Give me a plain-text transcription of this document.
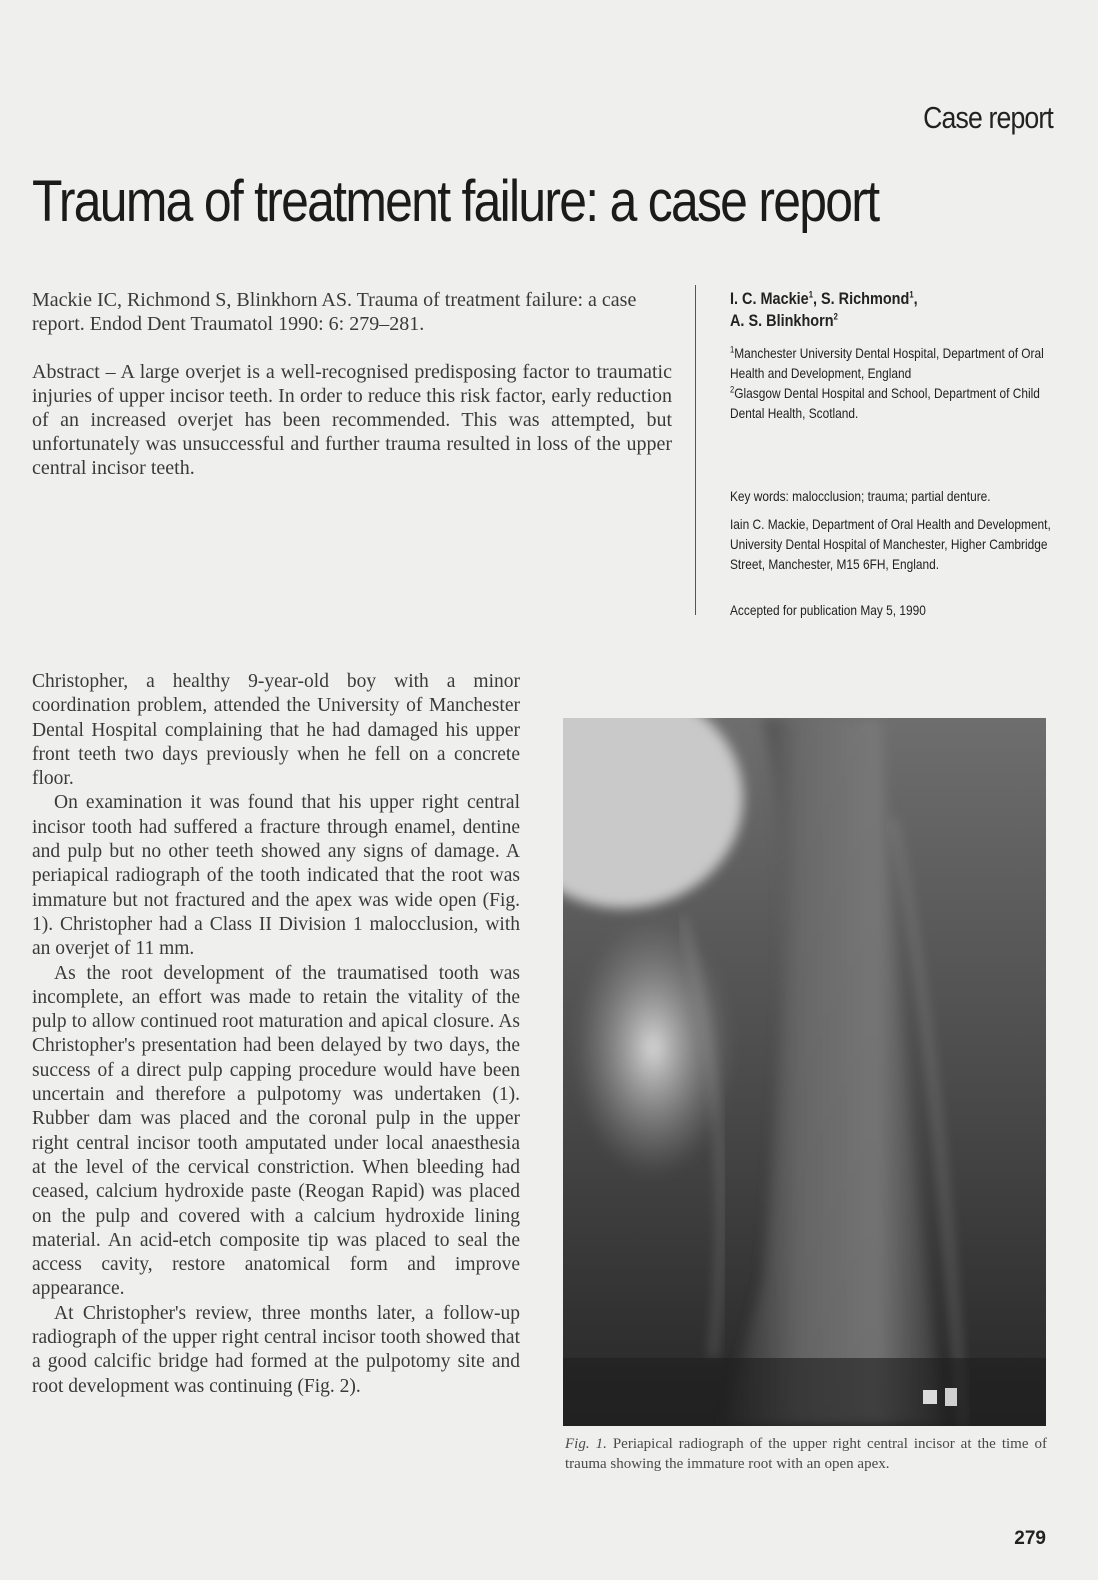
Case report
Trauma of treatment failure: a case report
Mackie IC, Richmond S, Blinkhorn AS. Trauma of treatment failure: a case report. Endod Dent Traumatol 1990: 6: 279–281.
Abstract – A large overjet is a well-recognised predisposing factor to traumatic injuries of upper incisor teeth. In order to reduce this risk factor, early reduction of an increased overjet has been recommended. This was attempted, but unfortunately was unsuccessful and further trauma resulted in loss of the upper central incisor teeth.
I. C. Mackie$^1$, S. Richmond$^1$,
A. S. Blinkhorn$^2$
$^1$Manchester University Dental Hospital, Department of Oral Health and Development, England
$^2$Glasgow Dental Hospital and School, Department of Child Dental Health, Scotland.
Key words: malocclusion; trauma; partial denture.
Iain C. Mackie, Department of Oral Health and Development, University Dental Hospital of Manchester, Higher Cambridge Street, Manchester, M15 6FH, England.
Accepted for publication May 5, 1990

Christopher, a healthy 9-year-old boy with a minor coordination problem, attended the University of Manchester Dental Hospital complaining that he had damaged his upper front teeth two days previously when he fell on a concrete floor.

On examination it was found that his upper right central incisor tooth had suffered a fracture through enamel, dentine and pulp but no other teeth showed any signs of damage. A periapical radiograph of the tooth indicated that the root was immature but not fractured and the apex was wide open (Fig. 1). Christopher had a Class II Division 1 malocclusion, with an overjet of 11 mm.

As the root development of the traumatised tooth was incomplete, an effort was made to retain the vitality of the pulp to allow continued root maturation and apical closure. As Christopher's presentation had been delayed by two days, the success of a direct pulp capping procedure would have been uncertain and therefore a pulpotomy was undertaken (1). Rubber dam was placed and the coronal pulp in the upper right central incisor tooth amputated under local anaesthesia at the level of the cervical constriction. When bleeding had ceased, calcium hydroxide paste (Reogan Rapid) was placed on the pulp and covered with a calcium hydroxide lining material. An acid-etch composite tip was placed to seal the access cavity, restore anatomical form and improve appearance.

At Christopher's review, three months later, a follow-up radiograph of the upper right central incisor tooth showed that a good calcific bridge had formed at the pulpotomy site and root development was continuing (Fig. 2).

Fig. 1. Periapical radiograph of the upper right central incisor at the time of trauma showing the immature root with an open apex.
279
